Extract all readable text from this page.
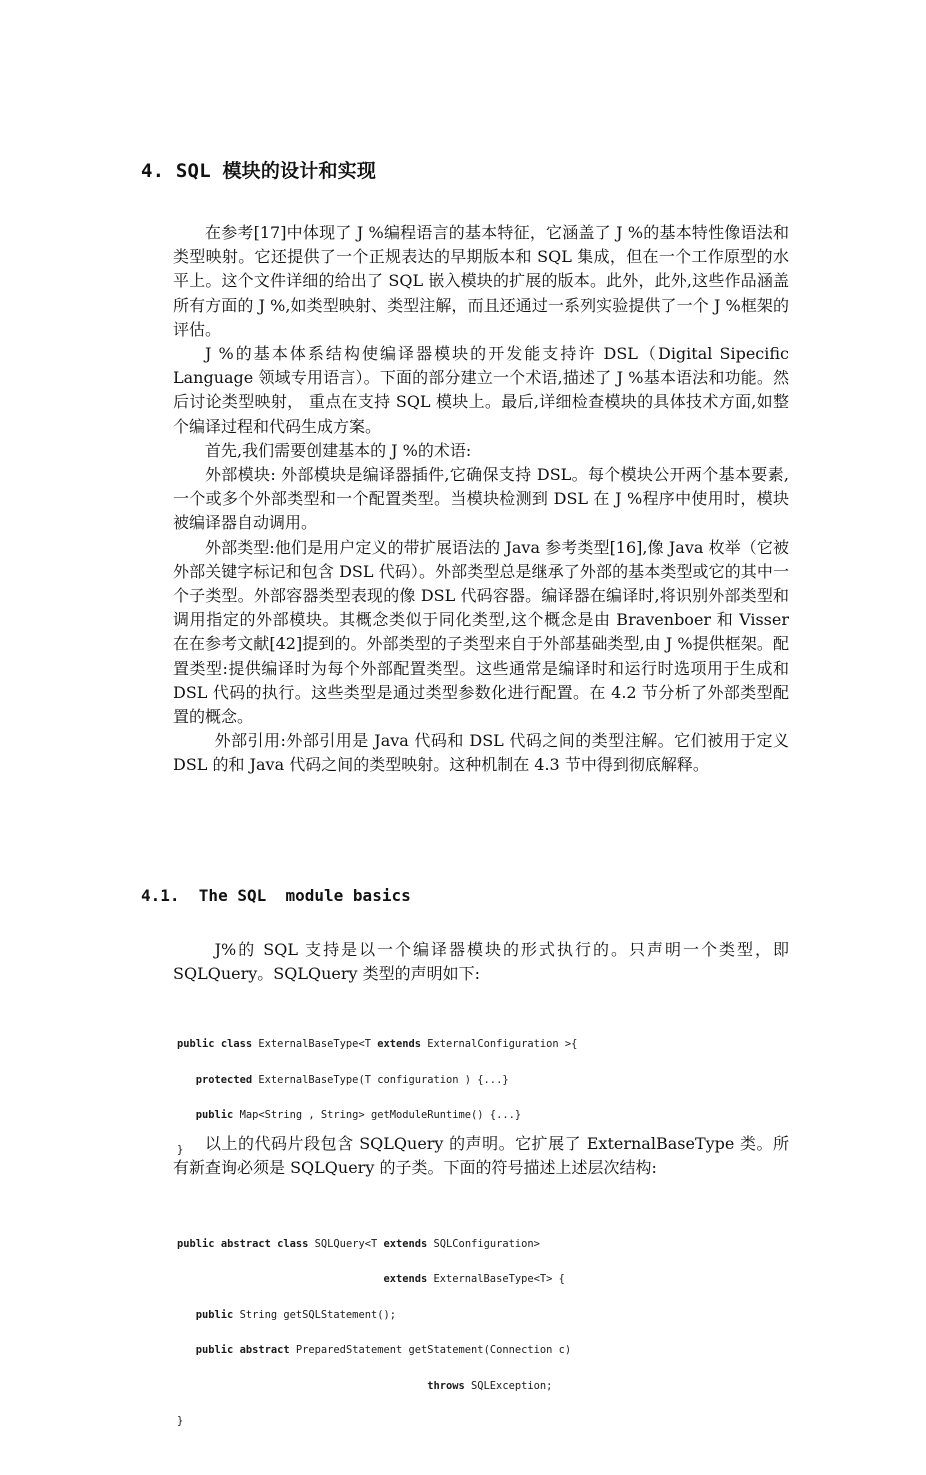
4. SQL 模块的设计和实现

在参考[17]中体现了 J %编程语言的基本特征，它涵盖了 J %的基本特性像语法和类型映射。它还提供了一个正规表达的早期版本和 SQL 集成，但在一个工作原型的水平上。这个文件详细的给出了 SQL 嵌入模块的扩展的版本。此外，此外,这些作品涵盖所有方面的 J %,如类型映射、类型注解，而且还通过一系列实验提供了一个 J %框架的评估。

J %的基本体系结构使编译器模块的开发能支持许 DSL（Digital Sipecific Language 领域专用语言）。下面的部分建立一个术语,描述了 J %基本语法和功能。然后讨论类型映射， 重点在支持 SQL 模块上。最后,详细检查模块的具体技术方面,如整个编译过程和代码生成方案。

首先,我们需要创建基本的 J %的术语:

外部模块: 外部模块是编译器插件,它确保支持 DSL。每个模块公开两个基本要素,一个或多个外部类型和一个配置类型。当模块检测到 DSL 在 J %程序中使用时，模块被编译器自动调用。

外部类型:他们是用户定义的带扩展语法的 Java 参考类型[16],像 Java 枚举（它被外部关键字标记和包含 DSL 代码）。外部类型总是继承了外部的基本类型或它的其中一个子类型。外部容器类型表现的像 DSL 代码容器。编译器在编译时,将识别外部类型和调用指定的外部模块。其概念类似于同化类型,这个概念是由 Bravenboer 和 Visser 在在参考文献[42]提到的。外部类型的子类型来自于外部基础类型,由 J %提供框架。配置类型:提供编译时为每个外部配置类型。这些通常是编译时和运行时选项用于生成和 DSL 代码的执行。这些类型是通过类型参数化进行配置。在 4.2 节分析了外部类型配置的概念。

外部引用:外部引用是 Java 代码和 DSL 代码之间的类型注解。它们被用于定义 DSL 的和 Java 代码之间的类型映射。这种机制在 4.3 节中得到彻底解释。

4.1.  The SQL  module basics

J%的 SQL 支持是以一个编译器模块的形式执行的。只声明一个类型，即 SQLQuery。SQLQuery 类型的声明如下:

public class ExternalBaseType<T extends ExternalConfiguration >{

protected ExternalBaseType(T configuration ) {...}

public Map<String , String> getModuleRuntime() {...}

}

public abstract class SQLQuery<T extends SQLConfiguration>

extends ExternalBaseType<T> {

public String getSQLStatement();

public abstract PreparedStatement getStatement(Connection c)

throws SQLException;

}

以上的代码片段包含 SQLQuery 的声明。它扩展了 ExternalBaseType 类。所有新查询必须是 SQLQuery 的子类。下面的符号描述上述层次结构:
